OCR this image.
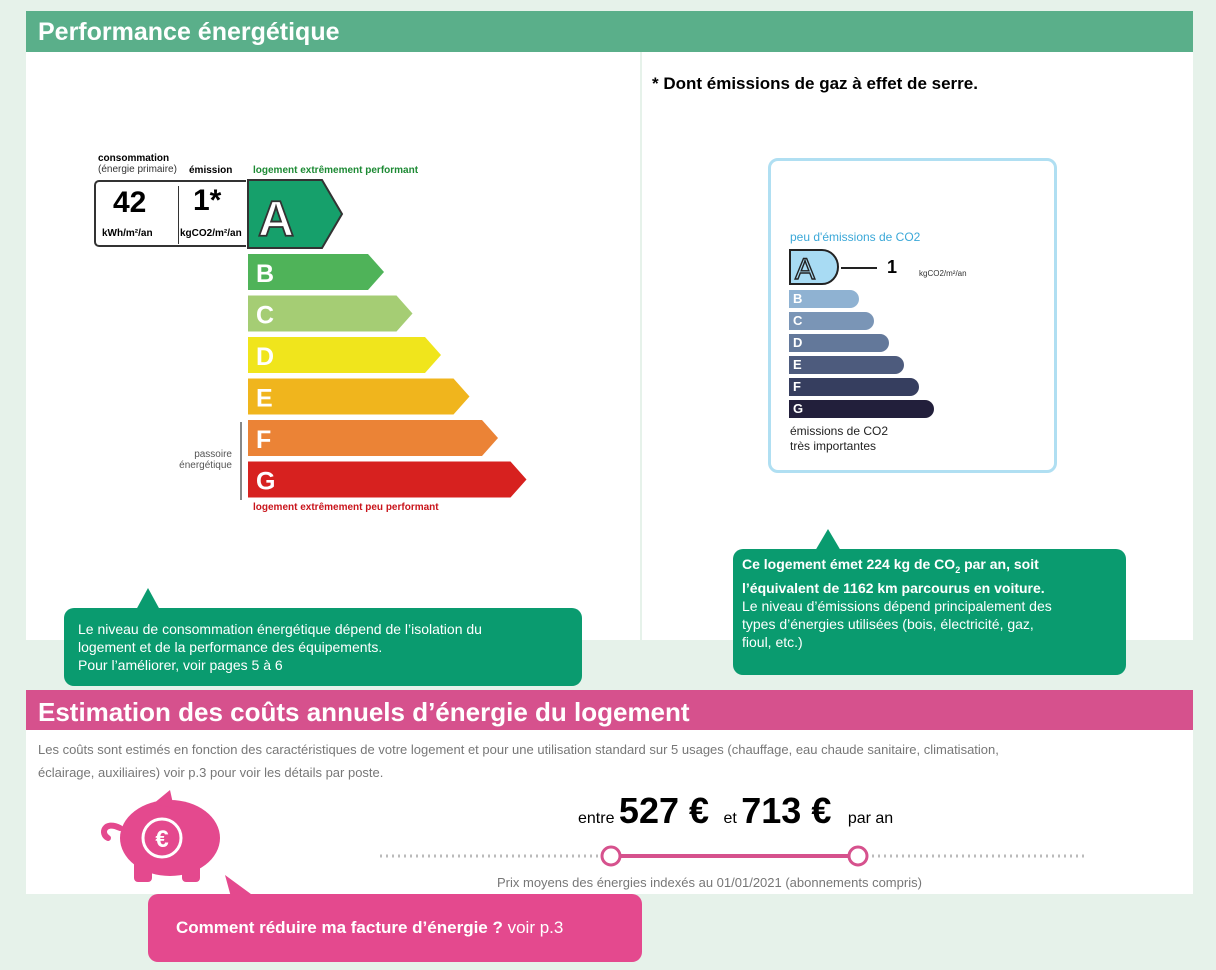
Performance énergétique
consommation
(énergie primaire) émission logement extrêmement performant
42
kWh/m²/an
1*
kgCO2/m²/an A
B
C
D
E
F
G
passoire
énergétique
logement extrêmement peu performant
Le niveau de consommation énergétique dépend de l’isolation du
logement et de la performance des équipements.
Pour l’améliorer, voir pages 5 à 6
* Dont émissions de gaz à effet de serre.
peu d'émissions de CO2
A	1	kgCO2/m²/an
B
C
D
E
F
G
émissions de CO2
très importantes
Ce logement émet 224 kg de $CO_2$ par an, soit
l’équivalent de 1162 km parcourus en voiture.
Le niveau d’émissions dépend principalement des
types d’énergies utilisées (bois, électricité, gaz,
fioul, etc.)
Estimation des coûts annuels d’énergie du logement
Les coûts sont estimés en fonction des caractéristiques de votre logement et pour une utilisation standard sur 5 usages (chauffage, eau chaude sanitaire, climatisation,
éclairage, auxiliaires) voir p.3 pour voir les détails par poste.
€
entre 527 € et 713 € par an
Prix moyens des énergies indexés au 01/01/2021 (abonnements compris)
Comment réduire ma facture d’énergie ? voir p.3
